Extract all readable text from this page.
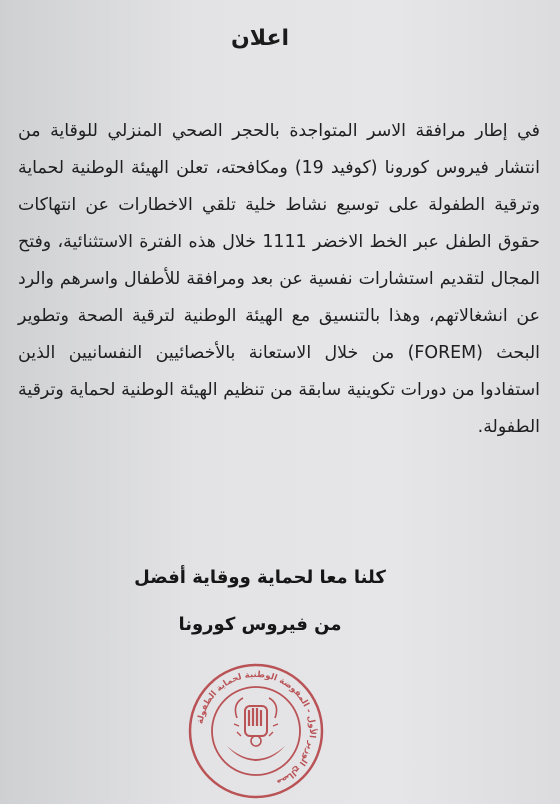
اعلان
في إطار مرافقة الاسر المتواجدة بالحجر الصحي المنزلي للوقاية من انتشار فيروس كورونا (كوفيد 19) ومكافحته، تعلن الهيئة الوطنية لحماية وترقية الطفولة على توسيع نشاط خلية تلقي الاخطارات عن انتهاكات حقوق الطفل عبر الخط الاخضر 1111 خلال هذه الفترة الاستثنائية، وفتح المجال لتقديم استشارات نفسية عن بعد ومرافقة للأطفال واسرهم والرد عن انشغالاتهم، وهذا بالتنسيق مع الهيئة الوطنية لترقية الصحة وتطوير البحث (FOREM) من خلال الاستعانة بالأخصائيين النفسانيين الذين استفادوا من دورات تكوينية سابقة من تنظيم الهيئة الوطنية لحماية وترقية الطفولة.
كلنا معا لحماية ووقاية أفضل
من فيروس كورونا
مصالح الوزير الأول - المفوضة الوطنية لحماية الطفولة
